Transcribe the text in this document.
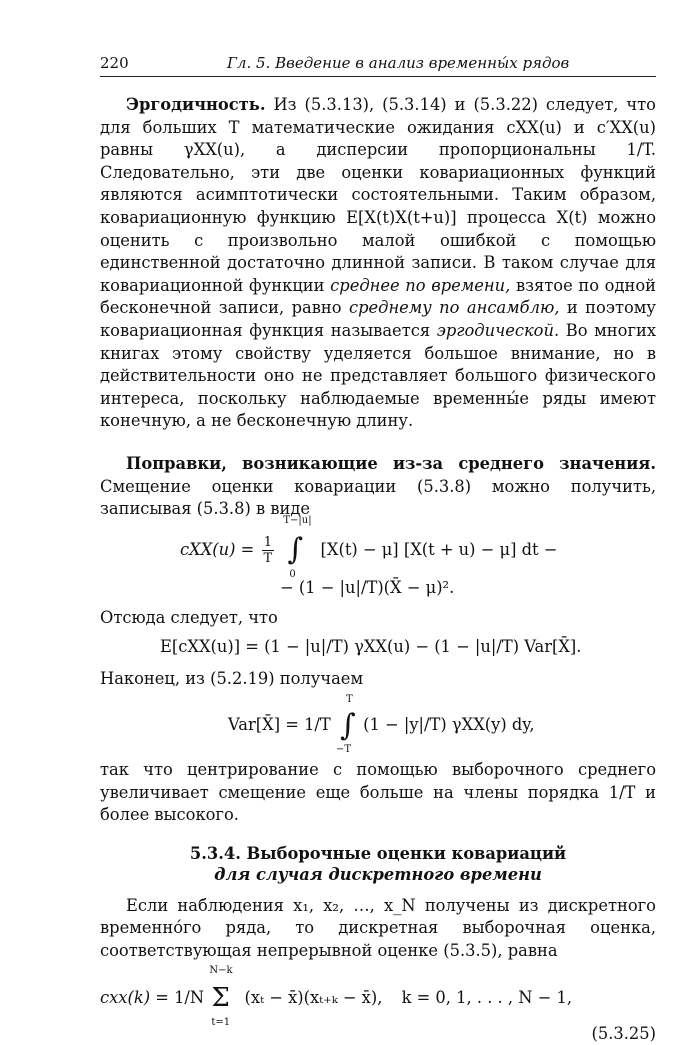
220	Гл. 5. Введение в анализ временны́х рядов

Эргодичность. Из (5.3.13), (5.3.14) и (5.3.22) следует, что для больших T математические ожидания cXX(u) и c′XX(u) равны γXX(u), а дисперсии пропорциональны 1/T. Следовательно, эти две оценки ковариационных функций являются асимптотически состоятельными. Таким образом, ковариационную функцию E[X(t)X(t+u)] процесса X(t) можно оценить с произвольно малой ошибкой с помощью единственной достаточно длинной записи. В таком случае для ковариационной функции среднее по времени, взятое по одной бесконечной записи, равно среднему по ансамблю, и поэтому ковариационная функция называется эргодической. Во многих книгах этому свойству уделяется большое внимание, но в действительности оно не представляет большого физического интереса, поскольку наблюдаемые временны́е ряды имеют конечную, а не бесконечную длину.

Поправки, возникающие из-за среднего значения. Смещение оценки ковариации (5.3.8) можно получить, записывая (5.3.8) в виде

$cXX(u) = \frac{1}{T}$

T−|u|
∫
0
[X(t) − μ] [X(t + u) − μ] dt −
− (1 − |u|/T)(X̄ − μ)².

Отсюда следует, что

E[cXX(u)] = (1 − |u|/T) γXX(u) − (1 − |u|/T) Var[X̄].

Наконец, из (5.2.19) получаем

Var[X̄] = 1/T
T
∫
−T
(1 − |y|/T) γXX(y) dy,

так что центрирование с помощью выборочного среднего увеличивает смещение еще больше на члены порядка 1/T и более высокого.

5.3.4. Выборочные оценки ковариаций
для случая дискретного времени

Если наблюдения x₁, x₂, …, x_N получены из дискретного временно́го ряда, то дискретная выборочная оценка, соответствующая непрерывной оценке (5.3.5), равна

cxx(k) = 1/N
N−k
Σ
t=1
(xₜ − x̄)(xₜ₊ₖ − x̄), k = 0, 1, . . . , N − 1,
(5.3.25)
